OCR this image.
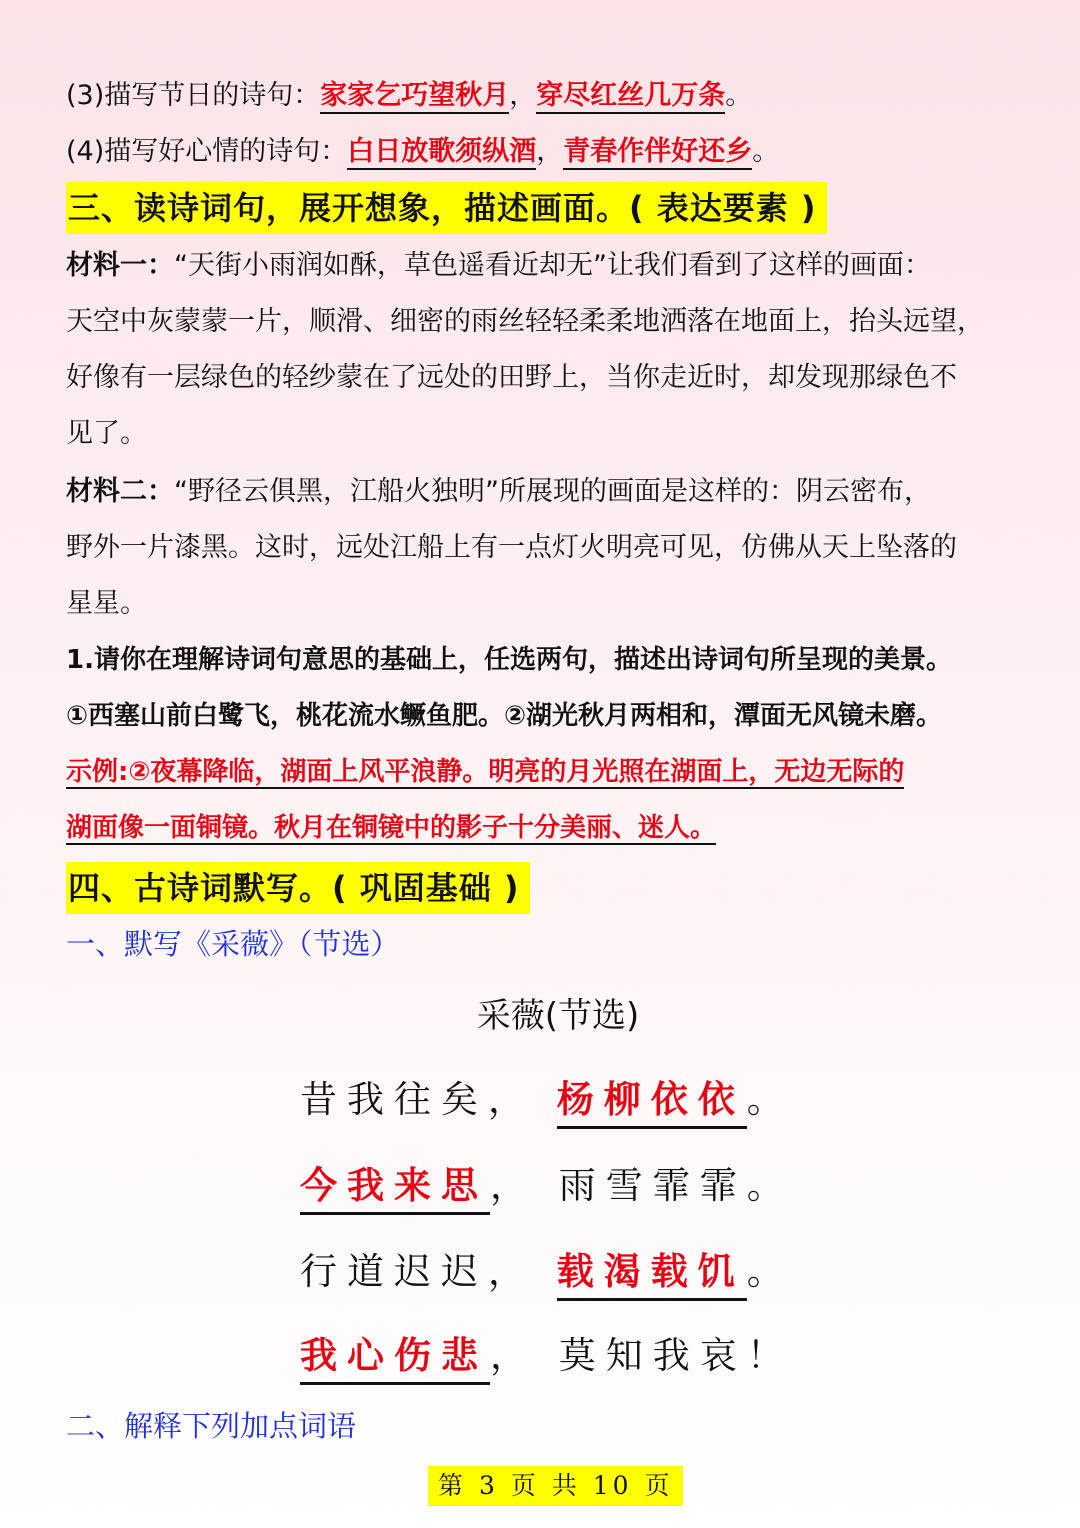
(3)描写节日的诗句：家家乞巧望秋月，穿尽红丝几万条。
(4)描写好心情的诗句：白日放歌须纵酒，青春作伴好还乡。
三、读诗词句，展开想象，描述画面。( 表达要素 )
材料一：“天街小雨润如酥，草色遥看近却无”让我们看到了这样的画面：
天空中灰蒙蒙一片，顺滑、细密的雨丝轻轻柔柔地洒落在地面上，抬头远望，
好像有一层绿色的轻纱蒙在了远处的田野上，当你走近时，却发现那绿色不
见了。
材料二：“野径云俱黑，江船火独明”所展现的画面是这样的：阴云密布，
野外一片漆黑。这时，远处江船上有一点灯火明亮可见，仿佛从天上坠落的
星星。
1.请你在理解诗词句意思的基础上，任选两句，描述出诗词句所呈现的美景。
①西塞山前白鹭飞，桃花流水鳜鱼肥。②湖光秋月两相和，潭面无风镜未磨。
示例:②夜幕降临，湖面上风平浪静。明亮的月光照在湖面上，无边无际的
湖面像一面铜镜。秋月在铜镜中的影子十分美丽、迷人。
四、古诗词默写。( 巩固基础 )
一、默写《采薇》（节选）
采薇(节选)
昔我往矣， 杨柳依依。
今我来思， 雨雪霏霏。
行道迟迟， 载渴载饥。
我心伤悲， 莫知我哀！
二、解释下列加点词语
第 3 页 共 10 页
